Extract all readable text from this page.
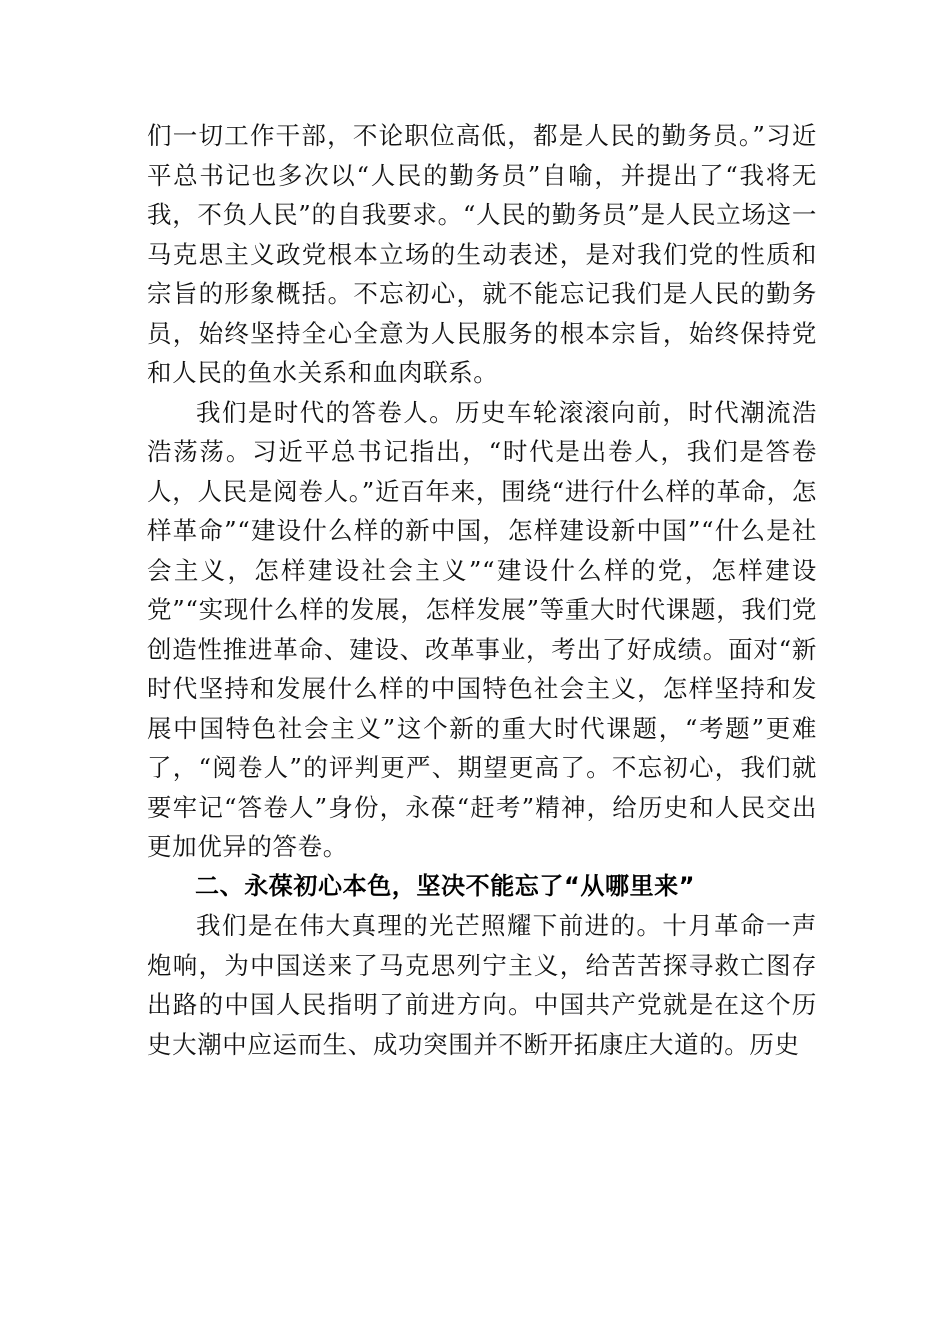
们一切工作干部，不论职位高低，都是人民的勤务员。”习近平总书记也多次以“人民的勤务员”自喻，并提出了“我将无我，不负人民”的自我要求。“人民的勤务员”是人民立场这一马克思主义政党根本立场的生动表述，是对我们党的性质和宗旨的形象概括。不忘初心，就不能忘记我们是人民的勤务员，始终坚持全心全意为人民服务的根本宗旨，始终保持党和人民的鱼水关系和血肉联系。

我们是时代的答卷人。历史车轮滚滚向前，时代潮流浩浩荡荡。习近平总书记指出，“时代是出卷人，我们是答卷人，人民是阅卷人。”近百年来，围绕“进行什么样的革命，怎样革命”“建设什么样的新中国，怎样建设新中国”“什么是社会主义，怎样建设社会主义”“建设什么样的党，怎样建设党”“实现什么样的发展，怎样发展”等重大时代课题，我们党创造性推进革命、建设、改革事业，考出了好成绩。面对“新时代坚持和发展什么样的中国特色社会主义，怎样坚持和发展中国特色社会主义”这个新的重大时代课题，“考题”更难了，“阅卷人”的评判更严、期望更高了。不忘初心，我们就要牢记“答卷人”身份，永葆“赶考”精神，给历史和人民交出更加优异的答卷。

二、永葆初心本色，坚决不能忘了“从哪里来”

我们是在伟大真理的光芒照耀下前进的。十月革命一声炮响，为中国送来了马克思列宁主义，给苦苦探寻救亡图存出路的中国人民指明了前进方向。中国共产党就是在这个历史大潮中应运而生、成功突围并不断开拓康庄大道的。历史
